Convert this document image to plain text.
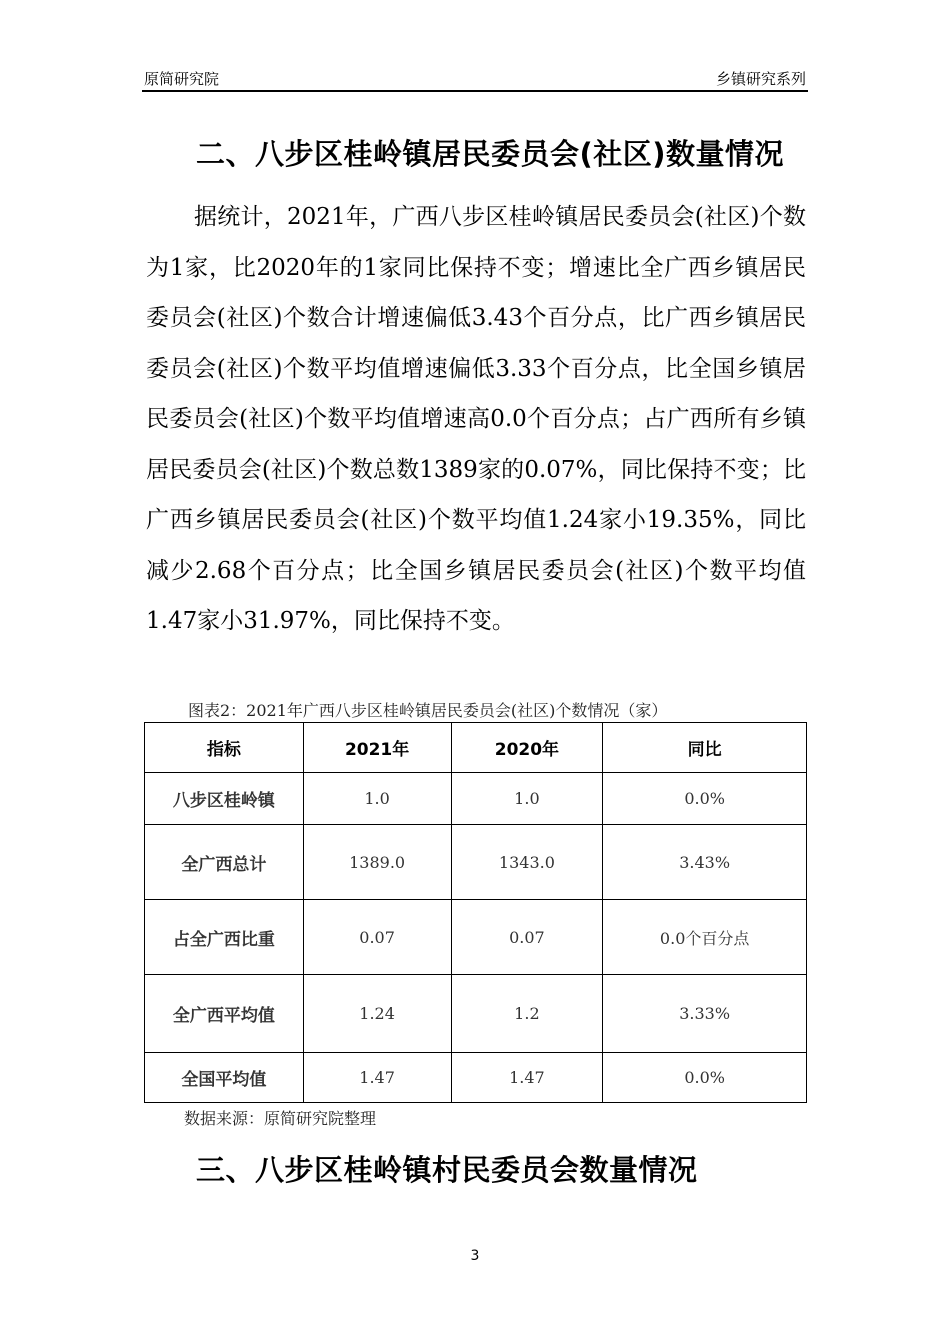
原简研究院	乡镇研究系列
二、八步区桂岭镇居民委员会(社区)数量情况

据统计，2021年，广西八步区桂岭镇居民委员会(社区)个数为1家，比2020年的1家同比保持不变；增速比全广西乡镇居民委员会(社区)个数合计增速偏低3.43个百分点，比广西乡镇居民委员会(社区)个数平均值增速偏低3.33个百分点，比全国乡镇居民委员会(社区)个数平均值增速高0.0个百分点；占广西所有乡镇居民委员会(社区)个数总数1389家的0.07%，同比保持不变；比广西乡镇居民委员会(社区)个数平均值1.24家小19.35%，同比减少2.68个百分点；比全国乡镇居民委员会(社区)个数平均值1.47家小31.97%，同比保持不变。

图表2：2021年广西八步区桂岭镇居民委员会(社区)个数情况（家）
指标	2021年	2020年	同比
八步区桂岭镇	1.0	1.0	0.0%
全广西总计	1389.0	1343.0	3.43%
占全广西比重	0.07	0.07	0.0个百分点
全广西平均值	1.24	1.2	3.33%
全国平均值	1.47	1.47	0.0%
数据来源：原简研究院整理
三、八步区桂岭镇村民委员会数量情况
3
